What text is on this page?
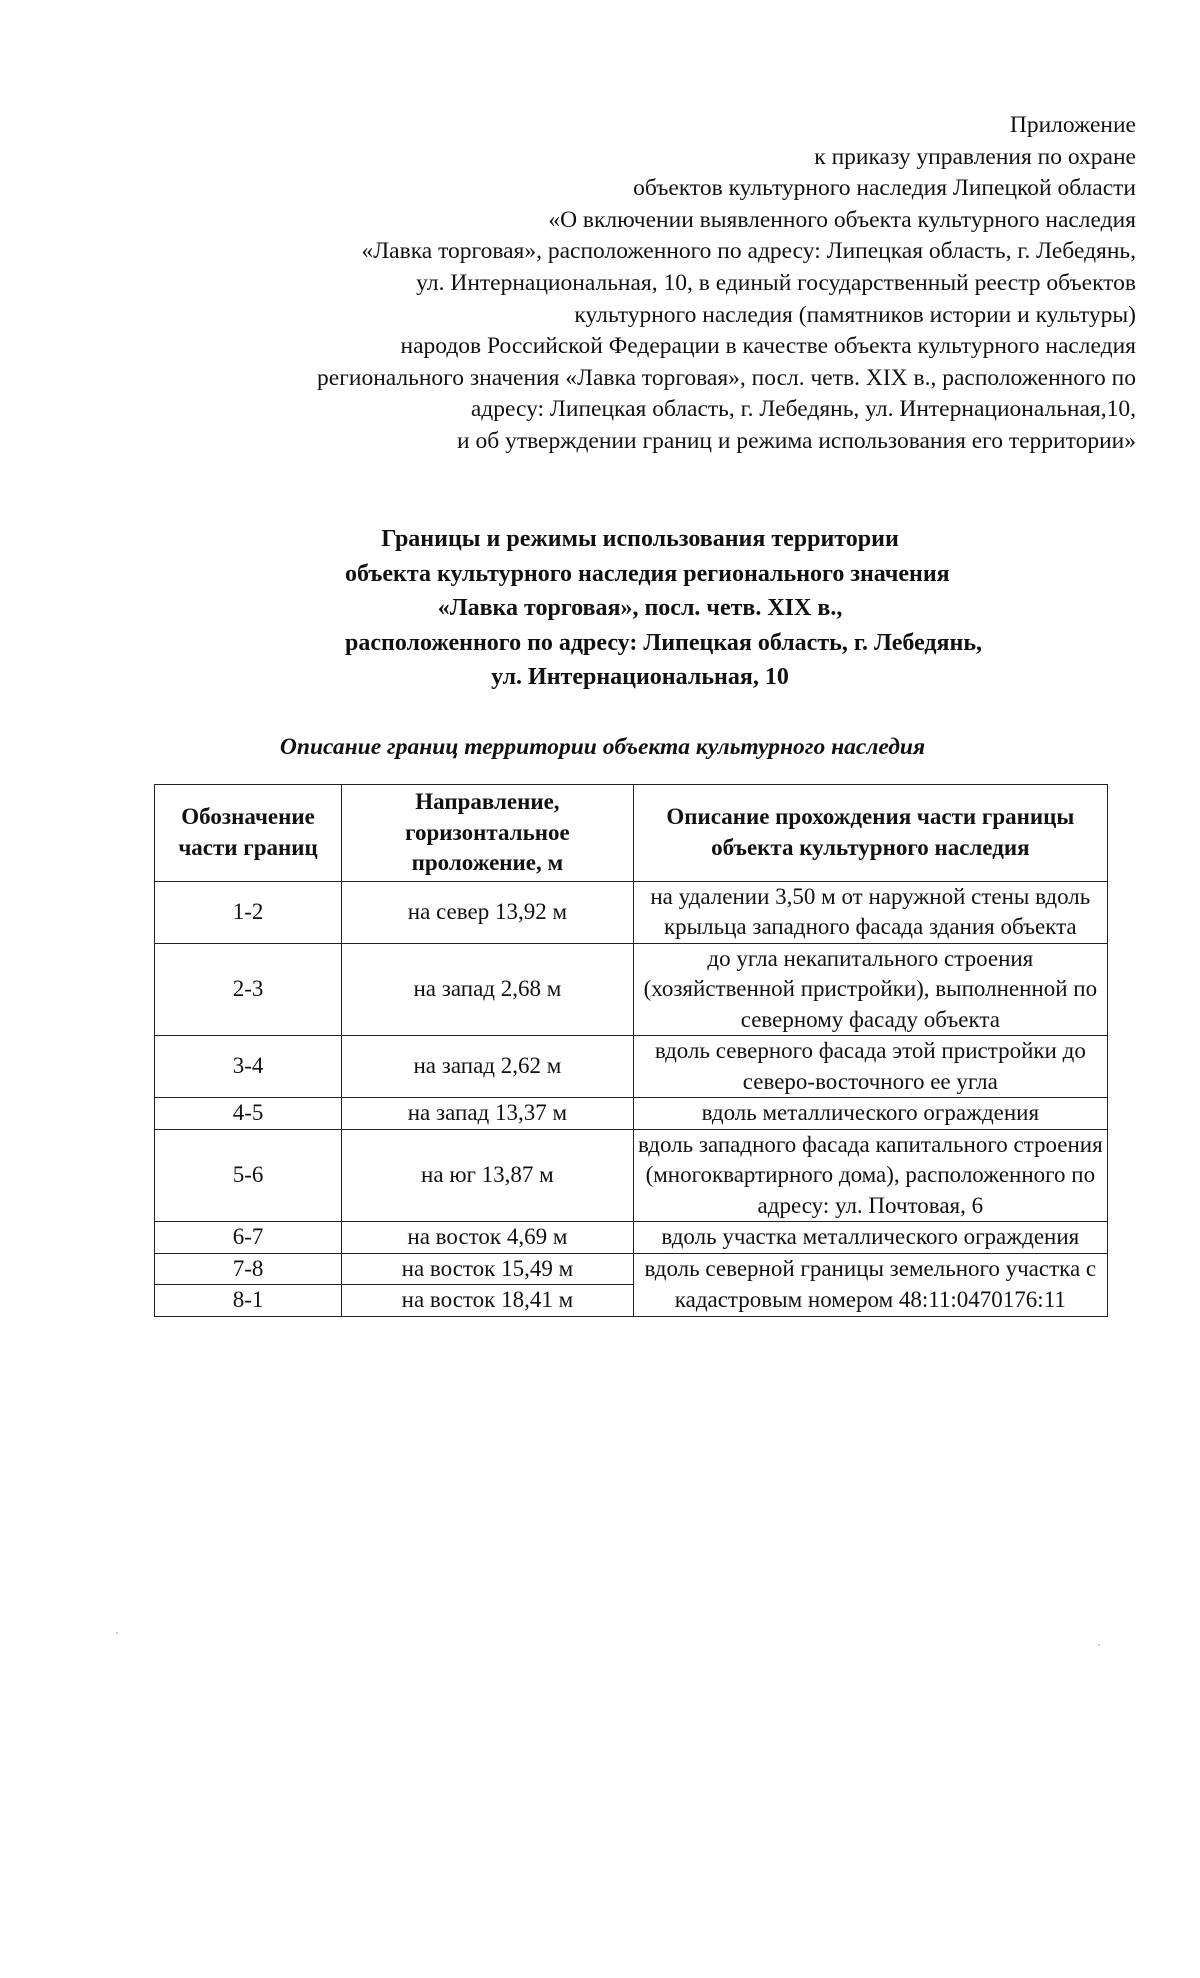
Приложение
к приказу управления по охране
объектов культурного наследия Липецкой области
«О включении выявленного объекта культурного наследия
«Лавка торговая», расположенного по адресу: Липецкая область, г. Лебедянь,
ул. Интернациональная, 10, в единый государственный реестр объектов
культурного наследия (памятников истории и культуры)
народов Российской Федерации в качестве объекта культурного наследия
регионального значения «Лавка торговая», посл. четв. XIX в., расположенного по
адресу: Липецкая область, г. Лебедянь, ул. Интернациональная,10,
и об утверждении границ и режима использования его территории»
Границы и режимы использования территории
объекта культурного наследия регионального значения
«Лавка торговая», посл. четв. XIX в.,
расположенного по адресу: Липецкая область, г. Лебедянь,
ул. Интернациональная, 10
Описание границ территории объекта культурного наследия
Обозначение части границ	Направление, горизонтальное проложение, м	Описание прохождения части границы объекта культурного наследия
1-2	на север 13,92 м	на удалении 3,50 м от наружной стены вдоль крыльца западного фасада здания объекта
2-3	на запад 2,68 м	до угла некапитального строения (хозяйственной пристройки), выполненной по северному фасаду объекта
3-4	на запад 2,62 м	вдоль северного фасада этой пристройки до северо-восточного ее угла
4-5	на запад 13,37 м	вдоль металлического ограждения
5-6	на юг 13,87 м	вдоль западного фасада капитального строения (многоквартирного дома), расположенного по адресу: ул. Почтовая, 6
6-7	на восток 4,69 м	вдоль участка металлического ограждения
7-8	на восток 15,49 м	вдоль северной границы земельного участка с кадастровым номером 48:11:0470176:11
8-1	на восток 18,41 м	
